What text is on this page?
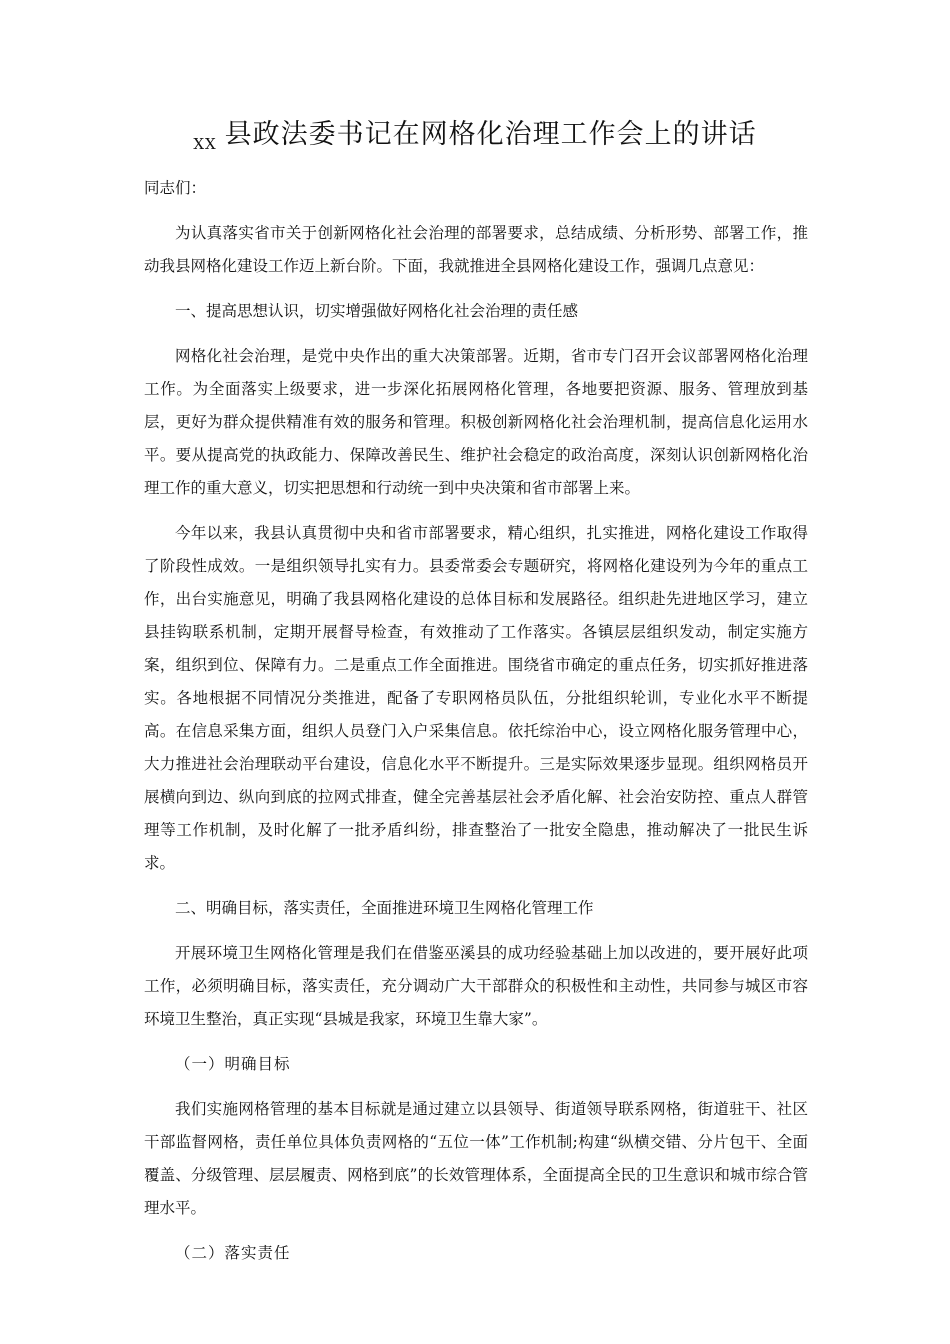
XX 县政法委书记在网格化治理工作会上的讲话

同志们：

为认真落实省市关于创新网格化社会治理的部署要求，总结成绩、分析形势、部署工作，推动我县网格化建设工作迈上新台阶。下面，我就推进全县网格化建设工作，强调几点意见：

一、提高思想认识，切实增强做好网格化社会治理的责任感

网格化社会治理，是党中央作出的重大决策部署。近期，省市专门召开会议部署网格化治理工作。为全面落实上级要求，进一步深化拓展网格化管理，各地要把资源、服务、管理放到基层，更好为群众提供精准有效的服务和管理。积极创新网格化社会治理机制，提高信息化运用水平。要从提高党的执政能力、保障改善民生、维护社会稳定的政治高度，深刻认识创新网格化治理工作的重大意义，切实把思想和行动统一到中央决策和省市部署上来。

今年以来，我县认真贯彻中央和省市部署要求，精心组织，扎实推进，网格化建设工作取得了阶段性成效。一是组织领导扎实有力。县委常委会专题研究，将网格化建设列为今年的重点工作，出台实施意见，明确了我县网格化建设的总体目标和发展路径。组织赴先进地区学习，建立县挂钩联系机制，定期开展督导检查，有效推动了工作落实。各镇层层组织发动，制定实施方案，组织到位、保障有力。二是重点工作全面推进。围绕省市确定的重点任务，切实抓好推进落实。各地根据不同情况分类推进，配备了专职网格员队伍，分批组织轮训，专业化水平不断提高。在信息采集方面，组织人员登门入户采集信息。依托综治中心，设立网格化服务管理中心，大力推进社会治理联动平台建设，信息化水平不断提升。三是实际效果逐步显现。组织网格员开展横向到边、纵向到底的拉网式排查，健全完善基层社会矛盾化解、社会治安防控、重点人群管理等工作机制，及时化解了一批矛盾纠纷，排查整治了一批安全隐患，推动解决了一批民生诉求。

二、明确目标，落实责任，全面推进环境卫生网格化管理工作

开展环境卫生网格化管理是我们在借鉴巫溪县的成功经验基础上加以改进的，要开展好此项工作，必须明确目标，落实责任，充分调动广大干部群众的积极性和主动性，共同参与城区市容环境卫生整治，真正实现“县城是我家，环境卫生靠大家”。

（一）明确目标

我们实施网格管理的基本目标就是通过建立以县领导、街道领导联系网格，街道驻干、社区干部监督网格，责任单位具体负责网格的“五位一体”工作机制;构建“纵横交错、分片包干、全面覆盖、分级管理、层层履责、网格到底”的长效管理体系，全面提高全民的卫生意识和城市综合管理水平。

（二）落实责任
